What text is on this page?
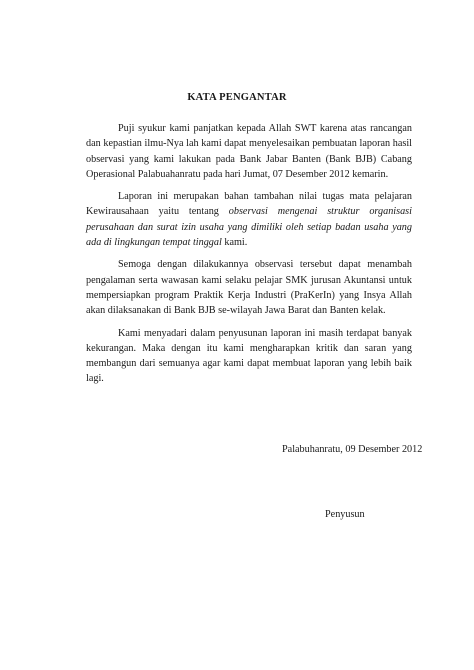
KATA PENGANTAR

Puji syukur kami panjatkan kepada Allah SWT karena atas rancangan dan kepastian ilmu-Nya lah kami dapat menyelesaikan pembuatan laporan hasil observasi yang kami lakukan pada Bank Jabar Banten (Bank BJB) Cabang Operasional Palabuahanratu pada hari Jumat, 07 Desember 2012 kemarin.

Laporan ini merupakan bahan tambahan nilai tugas mata pelajaran Kewirausahaan yaitu tentang observasi mengenai struktur organisasi perusahaan dan surat izin usaha yang dimiliki oleh setiap badan usaha yang ada di lingkungan tempat tinggal kami.

Semoga dengan dilakukannya observasi tersebut dapat menambah pengalaman serta wawasan kami selaku pelajar SMK jurusan Akuntansi untuk mempersiapkan program Praktik Kerja Industri (PraKerIn) yang Insya Allah akan dilaksanakan di Bank BJB se-wilayah Jawa Barat dan Banten kelak.

Kami menyadari dalam penyusunan laporan ini masih terdapat banyak kekurangan. Maka dengan itu kami mengharapkan kritik dan saran yang membangun dari semuanya agar kami dapat membuat laporan yang lebih baik lagi.

Palabuhanratu, 09 Desember 2012
Penyusun
